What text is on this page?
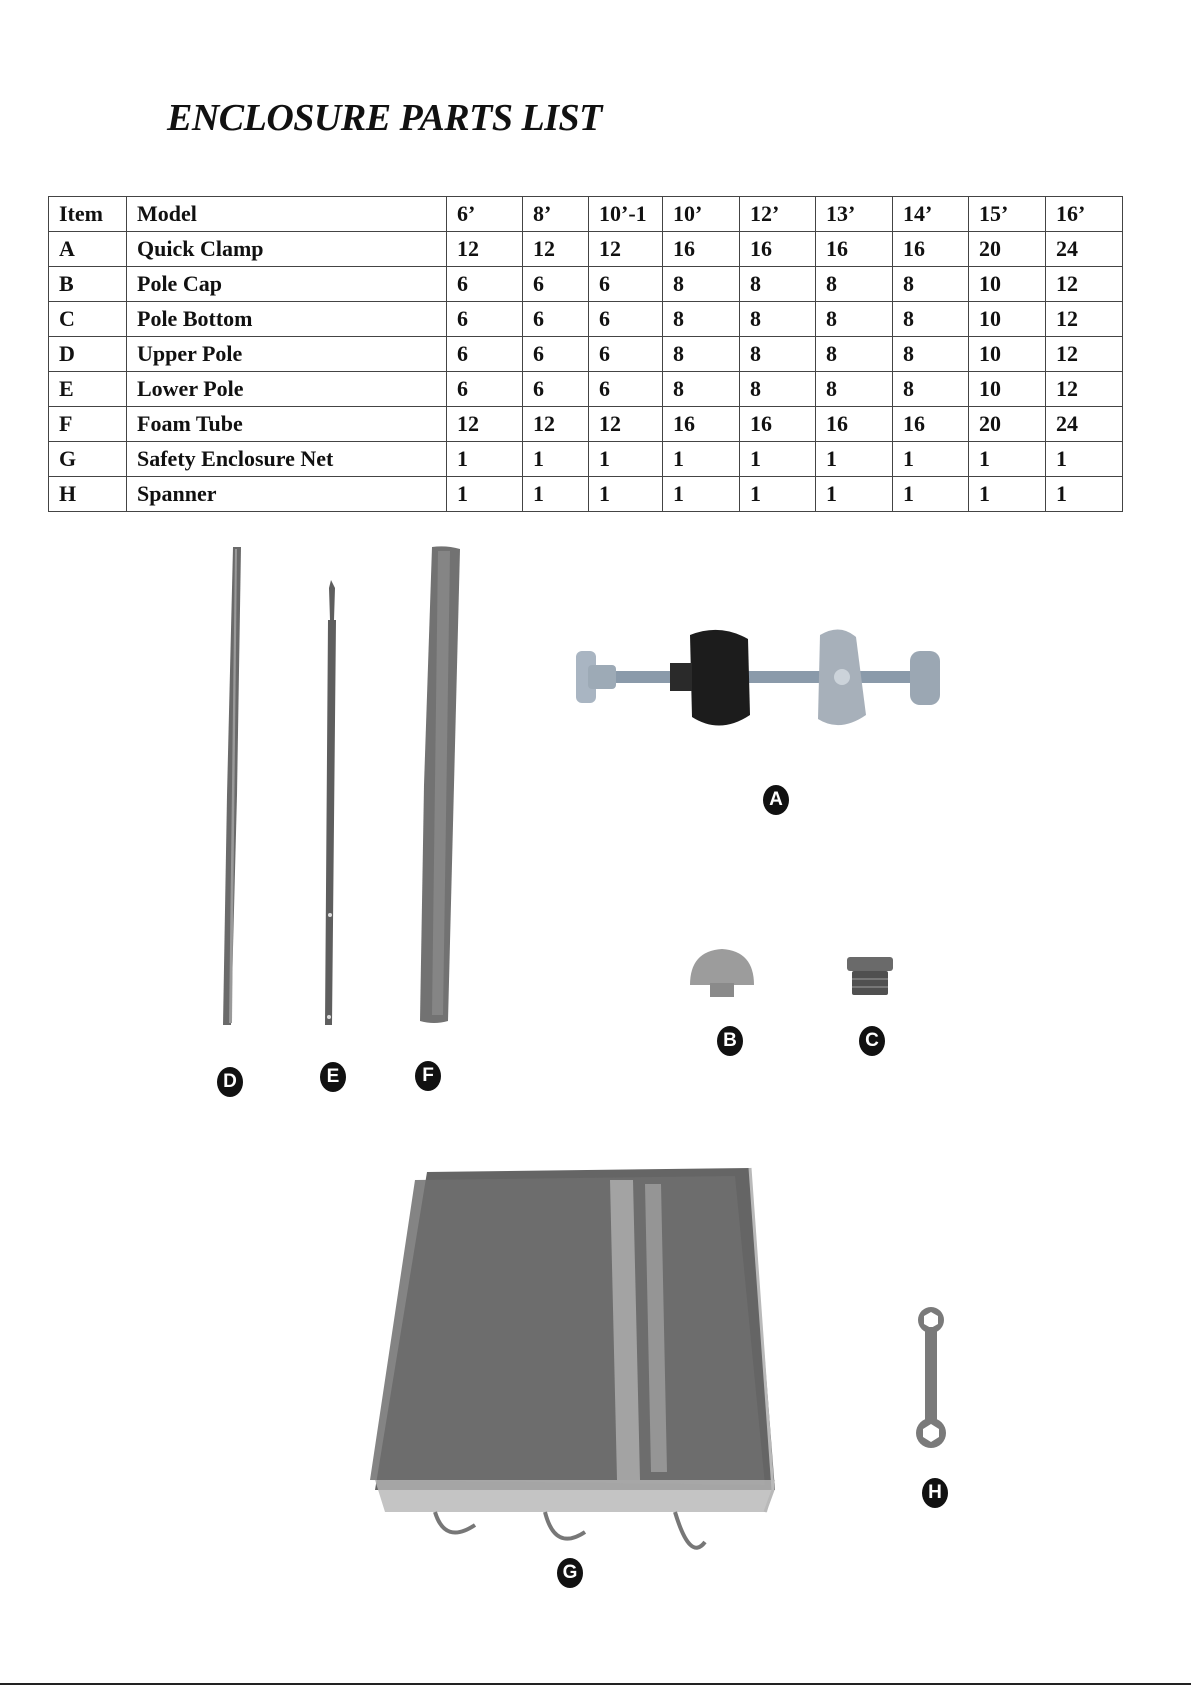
ENCLOSURE PARTS LIST
Item	Model	6’	8’	10’-1	10’	12’	13’	14’	15’	16’
A	Quick Clamp	12	12	12	16	16	16	16	20	24
B	Pole Cap	6	6	6	8	8	8	8	10	12
C	Pole Bottom	6	6	6	8	8	8	8	10	12
D	Upper Pole	6	6	6	8	8	8	8	10	12
E	Lower Pole	6	6	6	8	8	8	8	10	12
F	Foam Tube	12	12	12	16	16	16	16	20	24
G	Safety Enclosure Net	1	1	1	1	1	1	1	1	1
H	Spanner	1	1	1	1	1	1	1	1	1
A
B	C
D	E	F
G
H
